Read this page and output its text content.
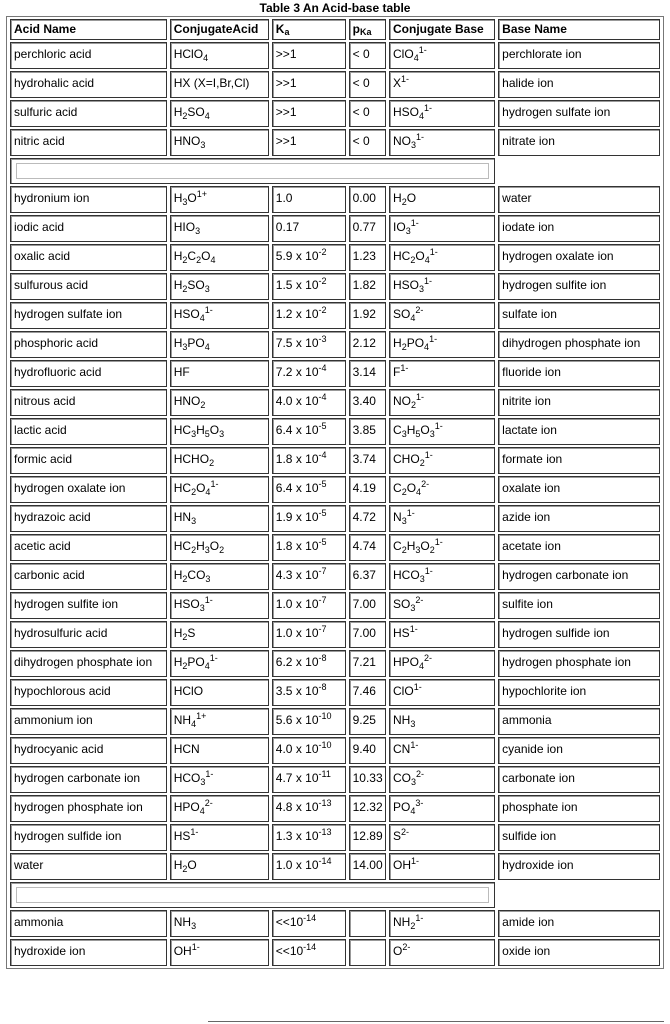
Table 3 An Acid-base table
Acid Name	ConjugateAcid	$K_a$	$p_{Ka}$	Conjugate Base	Base Name
perchloric acid	HClO$_4$	>>1	< 0	ClO$_4^{1-}$	perchlorate ion
hydrohalic acid	HX (X=I,Br,Cl)	>>1	< 0	$X^{1-}$	halide ion
sulfuric acid	$H_2SO_4$	>>1	< 0	$HSO_4^{1-}$	hydrogen sulfate ion
nitric acid	$HNO_3$	>>1	< 0	$NO_3^{1-}$	nitrate ion

hydronium ion	$H_3O^{1+}$	1.0	0.00	$H_2O$	water
iodic acid	$HIO_3$	0.17	0.77	$IO_3^{1-}$	iodate ion
oxalic acid	$H_2C_2O_4$	5.9 x $10^{-2}$	1.23	$HC_2O_4^{1-}$	hydrogen oxalate ion
sulfurous acid	$H_2SO_3$	1.5 x $10^{-2}$	1.82	$HSO_3^{1-}$	hydrogen sulfite ion
hydrogen sulfate ion	$HSO_4^{1-}$	1.2 x $10^{-2}$	1.92	$SO_4^{2-}$	sulfate ion
phosphoric acid	$H_3PO_4$	7.5 x $10^{-3}$	2.12	$H_2PO_4^{1-}$	dihydrogen phosphate ion
hydrofluoric acid	HF	7.2 x $10^{-4}$	3.14	$F^{1-}$	fluoride ion
nitrous acid	$HNO_2$	4.0 x $10^{-4}$	3.40	$NO_2^{1-}$	nitrite ion
lactic acid	$HC_3H_5O_3$	6.4 x $10^{-5}$	3.85	$C_3H_5O_3^{1-}$	lactate ion
formic acid	$HCHO_2$	1.8 x $10^{-4}$	3.74	$CHO_2^{1-}$	formate ion
hydrogen oxalate ion	$HC_2O_4^{1-}$	6.4 x $10^{-5}$	4.19	$C_2O_4^{2-}$	oxalate ion
hydrazoic acid	$HN_3$	1.9 x $10^{-5}$	4.72	$N_3^{1-}$	azide ion
acetic acid	$HC_2H_3O_2$	1.8 x $10^{-5}$	4.74	$C_2H_3O_2^{1-}$	acetate ion
carbonic acid	$H_2CO_3$	4.3 x $10^{-7}$	6.37	$HCO_3^{1-}$	hydrogen carbonate ion
hydrogen sulfite ion	$HSO_3^{1-}$	1.0 x $10^{-7}$	7.00	$SO_3^{2-}$	sulfite ion
hydrosulfuric acid	$H_2S$	1.0 x $10^{-7}$	7.00	$HS^{1-}$	hydrogen sulfide ion
dihydrogen phosphate ion	$H_2PO_4^{1-}$	6.2 x $10^{-8}$	7.21	$HPO_4^{2-}$	hydrogen phosphate ion
hypochlorous acid	HClO	3.5 x $10^{-8}$	7.46	ClO$^{1-}$	hypochlorite ion
ammonium ion	$NH_4^{1+}$	5.6 x $10^{-10}$	9.25	$NH_3$	ammonia
hydrocyanic acid	HCN	4.0 x $10^{-10}$	9.40	$CN^{1-}$	cyanide ion
hydrogen carbonate ion	$HCO_3^{1-}$	4.7 x $10^{-11}$	10.33	$CO_3^{2-}$	carbonate ion
hydrogen phosphate ion	$HPO_4^{2-}$	4.8 x $10^{-13}$	12.32	$PO_4^{3-}$	phosphate ion
hydrogen sulfide ion	$HS^{1-}$	1.3 x $10^{-13}$	12.89	$S^{2-}$	sulfide ion
water	$H_2O$	1.0 x $10^{-14}$	14.00	$OH^{1-}$	hydroxide ion

ammonia	$NH_3$	$<<10^{-14}$		$NH_2^{1-}$	amide ion
hydroxide ion	$OH^{1-}$	$<<10^{-14}$		$O^{2-}$	oxide ion
